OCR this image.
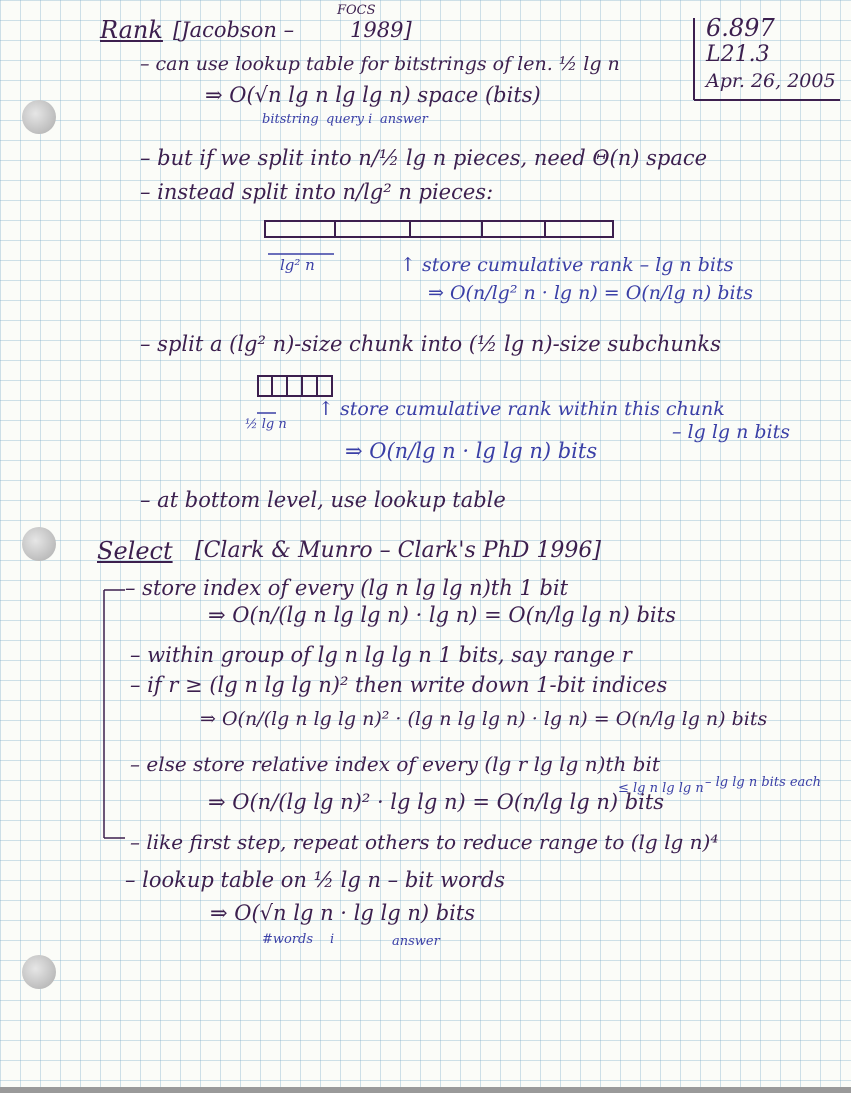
Rank [Jacobson –
FOCS
1989]	6.897
L21.3
Apr. 26, 2005
– can use lookup table for bitstrings of len. ½ lg n
⇒ O(√n lg n lg lg n) space (bits)
bitstring query i answer
– but if we split into n/½ lg n pieces, need Θ(n) space
– instead split into n/lg² n pieces:
lg² n	↑ store cumulative rank – lg n bits
⇒ O(n/lg² n · lg n) = O(n/lg n) bits
– split a (lg² n)-size chunk into (½ lg n)-size subchunks
½ lg n
↑ store cumulative rank within this chunk
– lg lg n bits
⇒ O(n/lg n · lg lg n) bits
– at bottom level, use lookup table
Select [Clark & Munro – Clark's PhD 1996]
– store index of every (lg n lg lg n)th 1 bit
⇒ O(n/(lg n lg lg n) · lg n) = O(n/lg lg n) bits
– within group of lg n lg lg n 1 bits, say range r
– if r ≥ (lg n lg lg n)² then write down 1-bit indices
⇒ O(n/(lg n lg lg n)² · (lg n lg lg n) · lg n) = O(n/lg lg n) bits
– else store relative index of every (lg r lg lg n)th bit
≤ lg n lg lg n – lg lg n bits each
⇒ O(n/(lg lg n)² · lg lg n) = O(n/lg lg n) bits
– like first step, repeat others to reduce range to (lg lg n)⁴
– lookup table on ½ lg n – bit words
⇒ O(√n lg n · lg lg n) bits
#words i	answer
